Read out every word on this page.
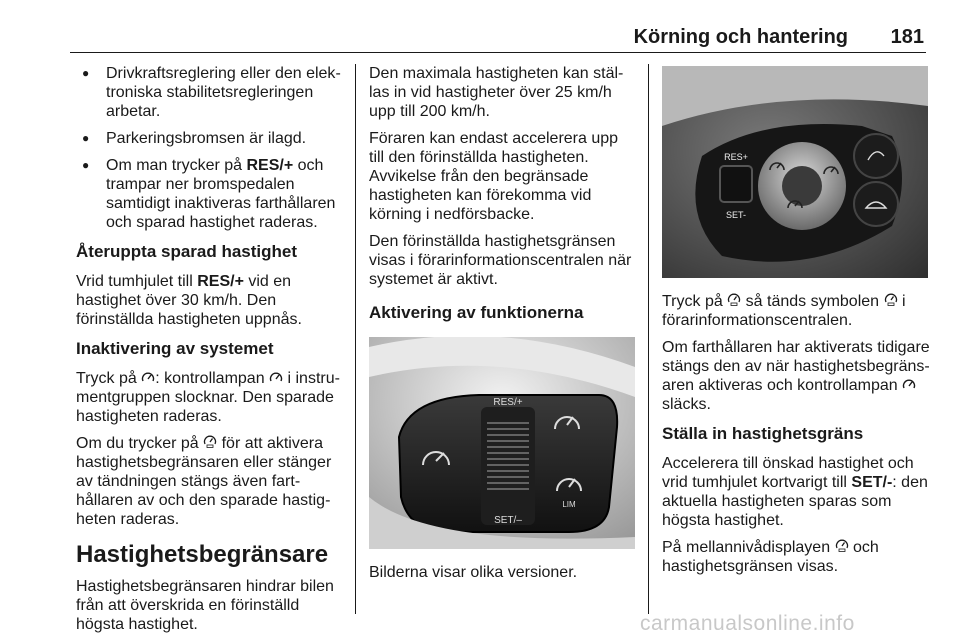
Körning och hantering 181
● Drivkraftsreglering eller den elektroniska stabilitetsregleringen arbetar.
● Parkeringsbromsen är ilagd.
● Om man trycker på RES/+ och trampar ner bromspedalen samtidigt inaktiveras farthållaren och sparad hastighet raderas.
Återuppta sparad hastighet

Vrid tumhjulet till RES/+ vid en hastighet över 30 km/h. Den förinställda hastigheten uppnås.

Inaktivering av systemet

Tryck på : kontrollampan  i instrumentgruppen slocknar. Den sparade hastigheten raderas.

Om du trycker på  för att aktivera hastighetsbegränsaren eller stänger av tändningen stängs även farthållaren av och den sparade hastigheten raderas.

Hastighetsbegränsare

Hastighetsbegränsaren hindrar bilen från att överskrida en förinställd högsta hastighet.

Den maximala hastigheten kan ställas in vid hastigheter över 25 km/h upp till 200 km/h.

Föraren kan endast accelerera upp till den förinställda hastigheten. Avvikelse från den begränsade hastigheten kan förekomma vid körning i nedförsbacke.

Den förinställda hastighetsgränsen visas i förarinformationscentralen när systemet är aktivt.

Aktivering av funktionerna
RES/+
SET/–
LIM

Bilderna visar olika versioner.

RES+
SET-

Tryck på  så tänds symbolen  i förarinformationscentralen.

Om farthållaren har aktiverats tidigare stängs den av när hastighetsbegränsaren aktiveras och kontrollampan  släcks.

Ställa in hastighetsgräns

Accelerera till önskad hastighet och vrid tumhjulet kortvarigt till SET/-: den aktuella hastigheten sparas som högsta hastighet.

På mellannivådisplayen  och hastighetsgränsen visas.

carmanualsonline.info
